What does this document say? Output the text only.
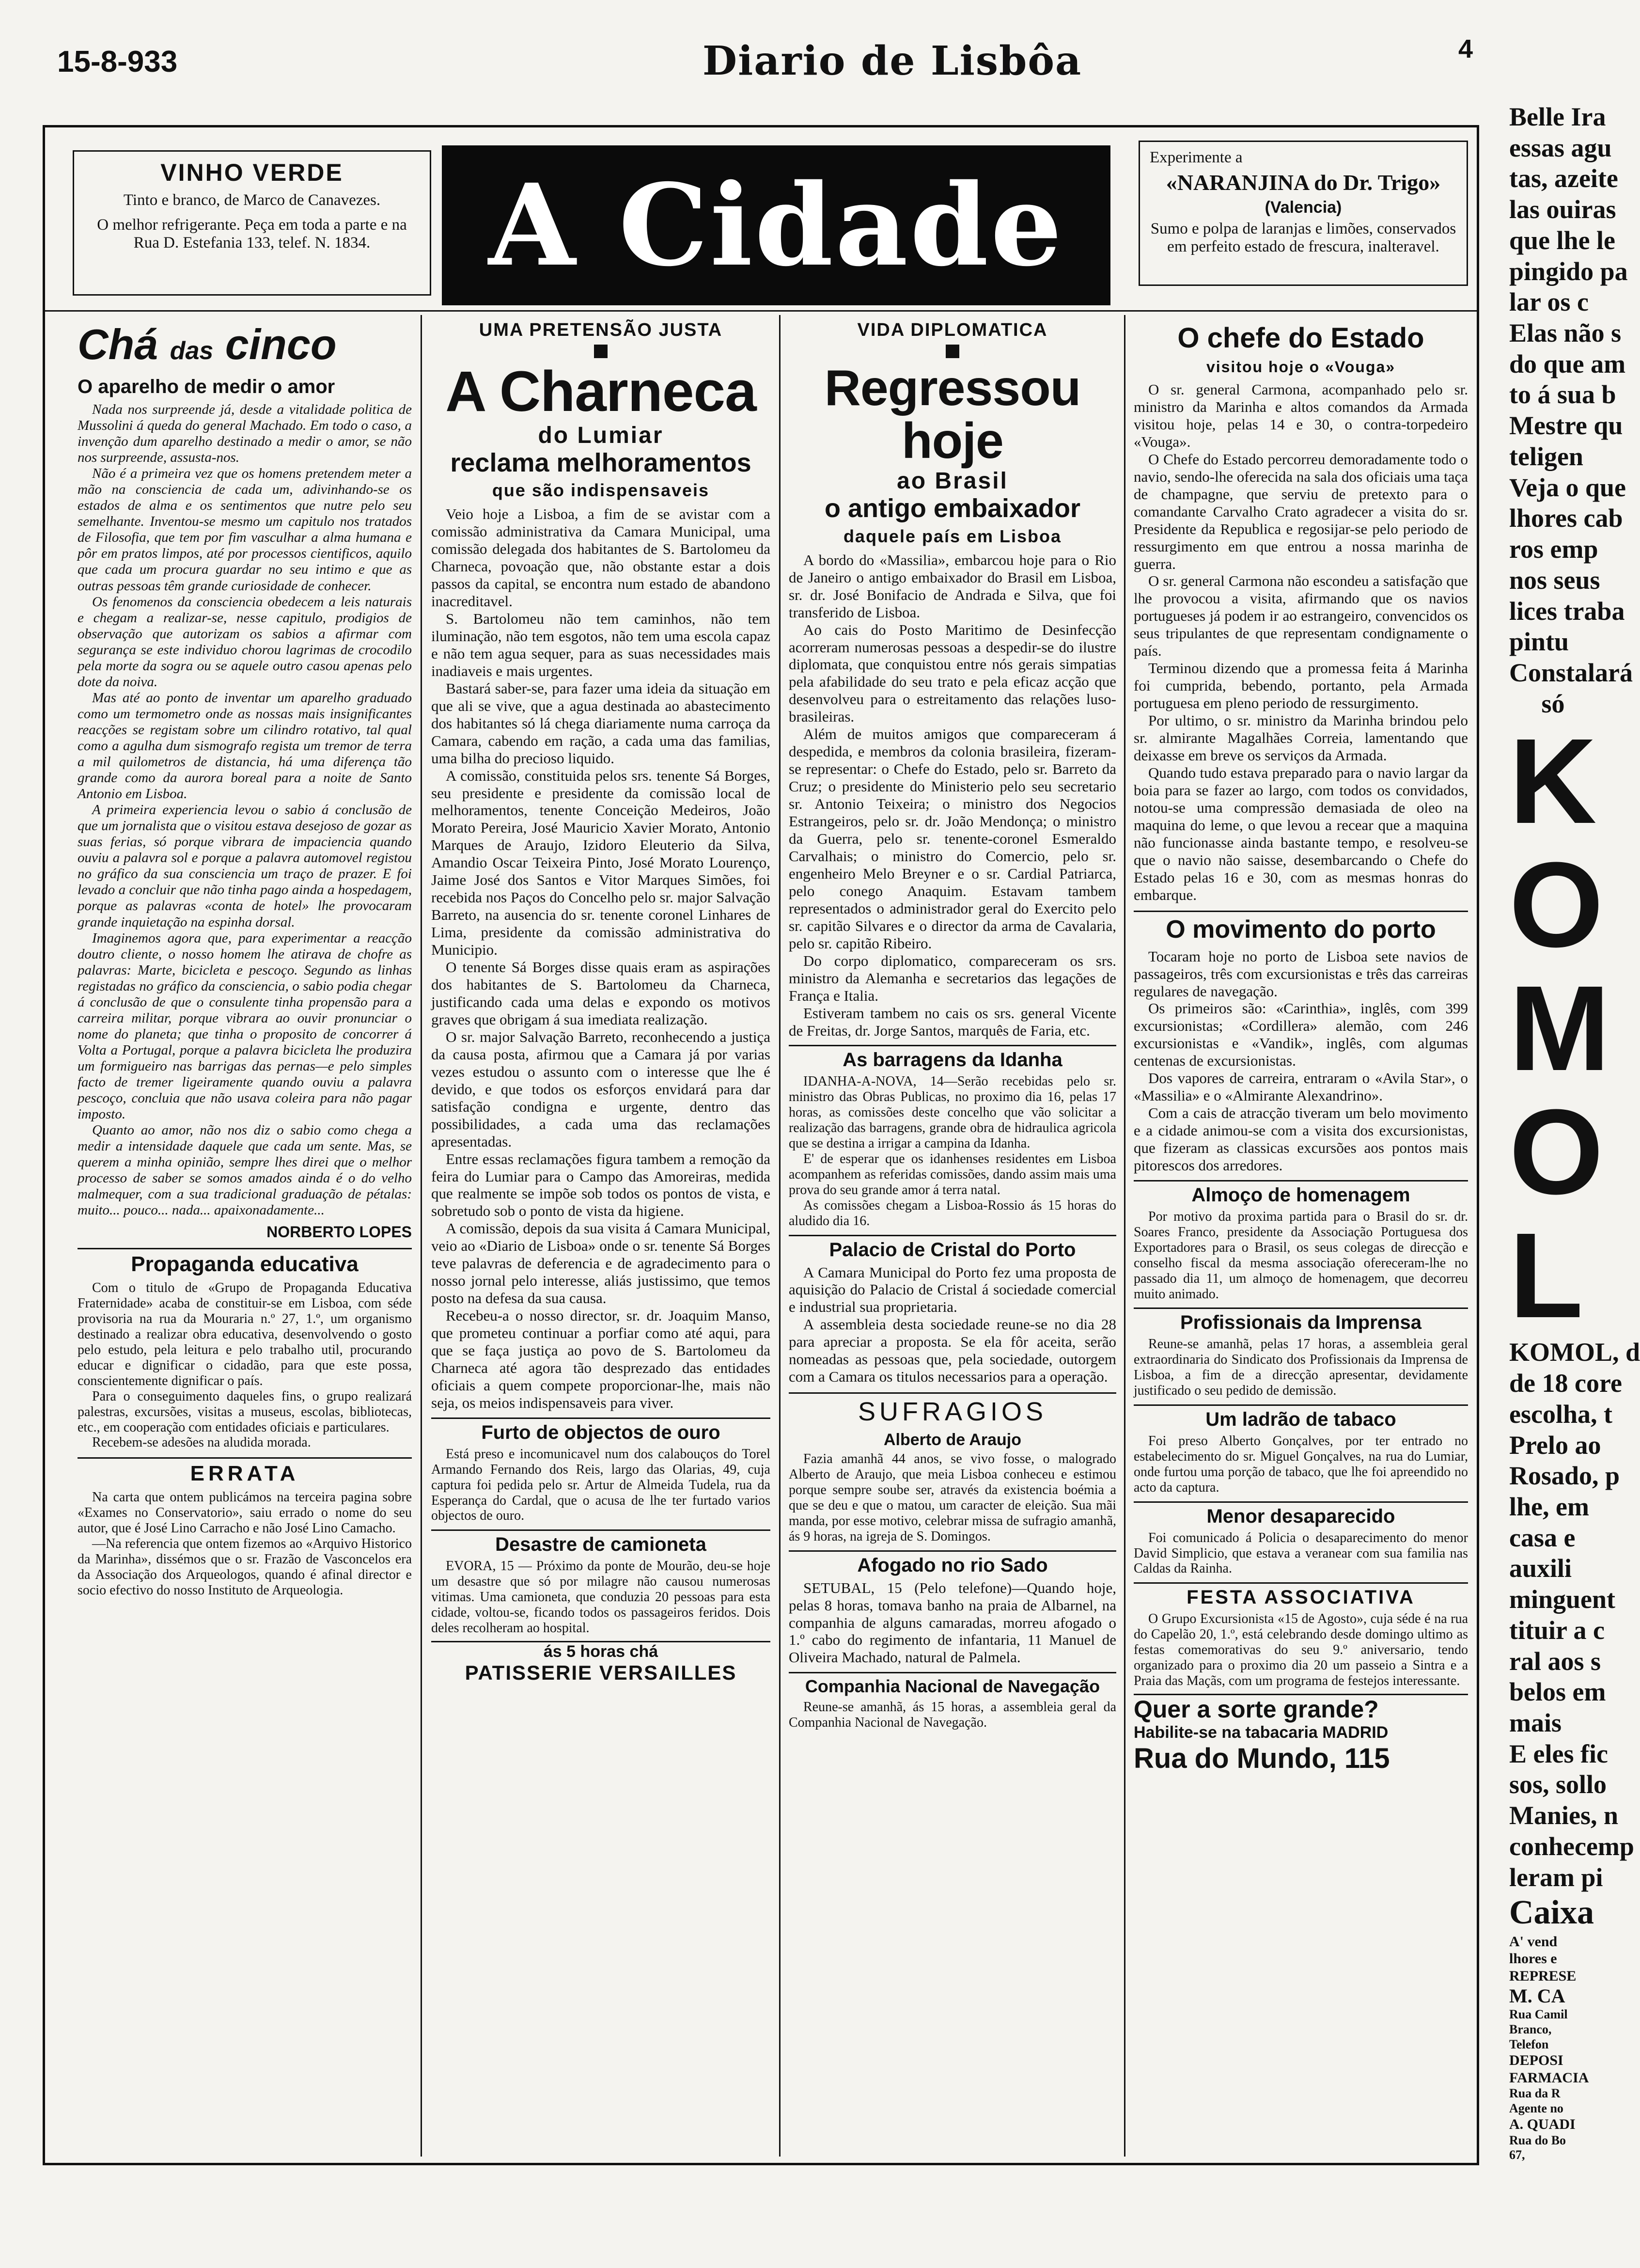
15-8-933	Diario de Lisbôa	4
VINHO VERDE
Tinto e branco, de Marco de Canavezes.
O melhor refrigerante. Peça em toda a parte e na Rua D. Estefania 133, telef. N. 1834.	A Cidade
Experimente a
«NARANJINA do Dr. Trigo»
(Valencia)
Sumo e polpa de laranjas e limões, conservados em perfeito estado de frescura, inalteravel.
Chá das cinco
O aparelho de medir o amor

Nada nos surpreende já, desde a vitalidade politica de Mussolini á queda do general Machado. Em todo o caso, a invenção dum aparelho destinado a medir o amor, se não nos surpreende, assusta-nos.

Não é a primeira vez que os homens pretendem meter a mão na consciencia de cada um, adivinhando-se os estados de alma e os sentimentos que nutre pelo seu semelhante. Inventou-se mesmo um capitulo nos tratados de Filosofia, que tem por fim vasculhar a alma humana e pôr em pratos limpos, até por processos cientificos, aquilo que cada um procura guardar no seu intimo e que as outras pessoas têm grande curiosidade de conhecer.

Os fenomenos da consciencia obedecem a leis naturais e chegam a realizar-se, nesse capitulo, prodigios de observação que autorizam os sabios a afirmar com segurança se este individuo chorou lagrimas de crocodilo pela morte da sogra ou se aquele outro casou apenas pelo dote da noiva.

Mas até ao ponto de inventar um aparelho graduado como um termometro onde as nossas mais insignificantes reacções se registam sobre um cilindro rotativo, tal qual como a agulha dum sismografo regista um tremor de terra a mil quilometros de distancia, há uma diferença tão grande como da aurora boreal para a noite de Santo Antonio em Lisboa.

A primeira experiencia levou o sabio á conclusão de que um jornalista que o visitou estava desejoso de gozar as suas ferias, só porque vibrara de impaciencia quando ouviu a palavra sol e porque a palavra automovel registou no gráfico da sua consciencia um traço de prazer. E foi levado a concluir que não tinha pago ainda a hospedagem, porque as palavras «conta de hotel» lhe provocaram grande inquietação na espinha dorsal.

Imaginemos agora que, para experimentar a reacção doutro cliente, o nosso homem lhe atirava de chofre as palavras: Marte, bicicleta e pescoço. Segundo as linhas registadas no gráfico da consciencia, o sabio podia chegar á conclusão de que o consulente tinha propensão para a carreira militar, porque vibrara ao ouvir pronunciar o nome do planeta; que tinha o proposito de concorrer á Volta a Portugal, porque a palavra bicicleta lhe produzira um formigueiro nas barrigas das pernas—e pelo simples facto de tremer ligeiramente quando ouviu a palavra pescoço, concluia que não usava coleira para não pagar imposto.

Quanto ao amor, não nos diz o sabio como chega a medir a intensidade daquele que cada um sente. Mas, se querem a minha opinião, sempre lhes direi que o melhor processo de saber se somos amados ainda é o do velho malmequer, com a sua tradicional graduação de pétalas: muito... pouco... nada... apaixonadamente...

NORBERTO LOPES
Propaganda educativa

Com o titulo de «Grupo de Propaganda Educativa Fraternidade» acaba de constituir-se em Lisboa, com séde provisoria na rua da Mouraria n.º 27, 1.º, um organismo destinado a realizar obra educativa, desenvolvendo o gosto pelo estudo, pela leitura e pelo trabalho util, procurando educar e dignificar o cidadão, para que este possa, conscientemente dignificar o país.

Para o conseguimento daqueles fins, o grupo realizará palestras, excursões, visitas a museus, escolas, bibliotecas, etc., em cooperação com entidades oficiais e particulares.

Recebem-se adesões na aludida morada.

ERRATA

Na carta que ontem publicámos na terceira pagina sobre «Exames no Conservatorio», saiu errado o nome do seu autor, que é José Lino Carracho e não José Lino Camacho.

—Na referencia que ontem fizemos ao «Arquivo Historico da Marinha», dissémos que o sr. Frazão de Vasconcelos era da Associação dos Arqueologos, quando é afinal director e socio efectivo do nosso Instituto de Arqueologia.

UMA PRETENSÃO JUSTA
A Charneca
do Lumiar
reclama melhoramentos
que são indispensaveis

Veio hoje a Lisboa, a fim de se avistar com a comissão administrativa da Camara Municipal, uma comissão delegada dos habitantes de S. Bartolomeu da Charneca, povoação que, não obstante estar a dois passos da capital, se encontra num estado de abandono inacreditavel.

S. Bartolomeu não tem caminhos, não tem iluminação, não tem esgotos, não tem uma escola capaz e não tem agua sequer, para as suas necessidades mais inadiaveis e mais urgentes.

Bastará saber-se, para fazer uma ideia da situação em que ali se vive, que a agua destinada ao abastecimento dos habitantes só lá chega diariamente numa carroça da Camara, cabendo em ração, a cada uma das familias, uma bilha do precioso liquido.

A comissão, constituida pelos srs. tenente Sá Borges, seu presidente e presidente da comissão local de melhoramentos, tenente Conceição Medeiros, João Morato Pereira, José Mauricio Xavier Morato, Antonio Marques de Araujo, Izidoro Eleuterio da Silva, Amandio Oscar Teixeira Pinto, José Morato Lourenço, Jaime José dos Santos e Vitor Marques Simões, foi recebida nos Paços do Concelho pelo sr. major Salvação Barreto, na ausencia do sr. tenente coronel Linhares de Lima, presidente da comissão administrativa do Municipio.

O tenente Sá Borges disse quais eram as aspirações dos habitantes de S. Bartolomeu da Charneca, justificando cada uma delas e expondo os motivos graves que obrigam á sua imediata realização.

O sr. major Salvação Barreto, reconhecendo a justiça da causa posta, afirmou que a Camara já por varias vezes estudou o assunto com o interesse que lhe é devido, e que todos os esforços envidará para dar satisfação condigna e urgente, dentro das possibilidades, a cada uma das reclamações apresentadas.

Entre essas reclamações figura tambem a remoção da feira do Lumiar para o Campo das Amoreiras, medida que realmente se impõe sob todos os pontos de vista, e sobretudo sob o ponto de vista da higiene.

A comissão, depois da sua visita á Camara Municipal, veio ao «Diario de Lisboa» onde o sr. tenente Sá Borges teve palavras de deferencia e de agradecimento para o nosso jornal pelo interesse, aliás justissimo, que temos posto na defesa da sua causa.

Recebeu-a o nosso director, sr. dr. Joaquim Manso, que prometeu continuar a porfiar como até aqui, para que se faça justiça ao povo de S. Bartolomeu da Charneca até agora tão desprezado das entidades oficiais a quem compete proporcionar-lhe, mais não seja, os meios indispensaveis para viver.

Furto de objectos de ouro

Está preso e incomunicavel num dos calabouços do Torel Armando Fernando dos Reis, largo das Olarias, 49, cuja captura foi pedida pelo sr. Artur de Almeida Tudela, rua da Esperança do Cardal, que o acusa de lhe ter furtado varios objectos de ouro.

Desastre de camioneta

EVORA, 15 — Próximo da ponte de Mourão, deu-se hoje um desastre que só por milagre não causou numerosas vitimas. Uma camioneta, que conduzia 20 pessoas para esta cidade, voltou-se, ficando todos os passageiros feridos. Dois deles recolheram ao hospital.

ás 5 horas chá
PATISSERIE VERSAILLES
VIDA DIPLOMATICA
Regressou hoje
ao Brasil
o antigo embaixador
daquele país em Lisboa

A bordo do «Massilia», embarcou hoje para o Rio de Janeiro o antigo embaixador do Brasil em Lisboa, sr. dr. José Bonifacio de Andrada e Silva, que foi transferido de Lisboa.

Ao cais do Posto Maritimo de Desinfecção acorreram numerosas pessoas a despedir-se do ilustre diplomata, que conquistou entre nós gerais simpatias pela afabilidade do seu trato e pela eficaz acção que desenvolveu para o estreitamento das relações luso-brasileiras.

Além de muitos amigos que compareceram á despedida, e membros da colonia brasileira, fizeram-se representar: o Chefe do Estado, pelo sr. Barreto da Cruz; o presidente do Ministerio pelo seu secretario sr. Antonio Teixeira; o ministro dos Negocios Estrangeiros, pelo sr. dr. João Mendonça; o ministro da Guerra, pelo sr. tenente-coronel Esmeraldo Carvalhais; o ministro do Comercio, pelo sr. engenheiro Melo Breyner e o sr. Cardial Patriarca, pelo conego Anaquim. Estavam tambem representados o administrador geral do Exercito pelo sr. capitão Silvares e o director da arma de Cavalaria, pelo sr. capitão Ribeiro.

Do corpo diplomatico, compareceram os srs. ministro da Alemanha e secretarios das legações de França e Italia.

Estiveram tambem no cais os srs. general Vicente de Freitas, dr. Jorge Santos, marquês de Faria, etc.

As barragens da Idanha

IDANHA-A-NOVA, 14—Serão recebidas pelo sr. ministro das Obras Publicas, no proximo dia 16, pelas 17 horas, as comissões deste concelho que vão solicitar a realização das barragens, grande obra de hidraulica agricola que se destina a irrigar a campina da Idanha.

E' de esperar que os idanhenses residentes em Lisboa acompanhem as referidas comissões, dando assim mais uma prova do seu grande amor á terra natal.

As comissões chegam a Lisboa-Rossio ás 15 horas do aludido dia 16.

Palacio de Cristal do Porto

A Camara Municipal do Porto fez uma proposta de aquisição do Palacio de Cristal á sociedade comercial e industrial sua proprietaria.

A assembleia desta sociedade reune-se no dia 28 para apreciar a proposta. Se ela fôr aceita, serão nomeadas as pessoas que, pela sociedade, outorgem com a Camara os titulos necessarios para a operação.

SUFRAGIOS
Alberto de Araujo

Fazia amanhã 44 anos, se vivo fosse, o malogrado Alberto de Araujo, que meia Lisboa conheceu e estimou porque sempre soube ser, através da existencia boémia a que se deu e que o matou, um caracter de eleição. Sua mãi manda, por esse motivo, celebrar missa de sufragio amanhã, ás 9 horas, na igreja de S. Domingos.

Afogado no rio Sado

SETUBAL, 15 (Pelo telefone)—Quando hoje, pelas 8 horas, tomava banho na praia de Albarnel, na companhia de alguns camaradas, morreu afogado o 1.º cabo do regimento de infantaria, 11 Manuel de Oliveira Machado, natural de Palmela.

Companhia Nacional de Navegação

Reune-se amanhã, ás 15 horas, a assembleia geral da Companhia Nacional de Navegação.

O chefe do Estado
visitou hoje o «Vouga»

O sr. general Carmona, acompanhado pelo sr. ministro da Marinha e altos comandos da Armada visitou hoje, pelas 14 e 30, o contra-torpedeiro «Vouga».

O Chefe do Estado percorreu demoradamente todo o navio, sendo-lhe oferecida na sala dos oficiais uma taça de champagne, que serviu de pretexto para o comandante Carvalho Crato agradecer a visita do sr. Presidente da Republica e regosijar-se pelo periodo de ressurgimento em que entrou a nossa marinha de guerra.

O sr. general Carmona não escondeu a satisfação que lhe provocou a visita, afirmando que os navios portugueses já podem ir ao estrangeiro, convencidos os seus tripulantes de que representam condignamente o país.

Terminou dizendo que a promessa feita á Marinha foi cumprida, bebendo, portanto, pela Armada portuguesa em pleno periodo de ressurgimento.

Por ultimo, o sr. ministro da Marinha brindou pelo sr. almirante Magalhães Correia, lamentando que deixasse em breve os serviços da Armada.

Quando tudo estava preparado para o navio largar da boia para se fazer ao largo, com todos os convidados, notou-se uma compressão demasiada de oleo na maquina do leme, o que levou a recear que a maquina não funcionasse ainda bastante tempo, e resolveu-se que o navio não saisse, desembarcando o Chefe do Estado pelas 16 e 30, com as mesmas honras do embarque.

O movimento do porto

Tocaram hoje no porto de Lisboa sete navios de passageiros, três com excursionistas e três das carreiras regulares de navegação.

Os primeiros são: «Carinthia», inglês, com 399 excursionistas; «Cordillera» alemão, com 246 excursionistas e «Vandik», inglês, com algumas centenas de excursionistas.

Dos vapores de carreira, entraram o «Avila Star», o «Massilia» e o «Almirante Alexandrino».

Com a cais de atracção tiveram um belo movimento e a cidade animou-se com a visita dos excursionistas, que fizeram as classicas excursões aos pontos mais pitorescos dos arredores.

Almoço de homenagem

Por motivo da proxima partida para o Brasil do sr. dr. Soares Franco, presidente da Associação Portuguesa dos Exportadores para o Brasil, os seus colegas de direcção e conselho fiscal da mesma associação ofereceram-lhe no passado dia 11, um almoço de homenagem, que decorreu muito animado.

Profissionais da Imprensa

Reune-se amanhã, pelas 17 horas, a assembleia geral extraordinaria do Sindicato dos Profissionais da Imprensa de Lisboa, a fim de a direcção apresentar, devidamente justificado o seu pedido de demissão.

Um ladrão de tabaco

Foi preso Alberto Gonçalves, por ter entrado no estabelecimento do sr. Miguel Gonçalves, na rua do Lumiar, onde furtou uma porção de tabaco, que lhe foi apreendido no acto da captura.

Menor desaparecido

Foi comunicado á Policia o desaparecimento do menor David Simplicio, que estava a veranear com sua familia nas Caldas da Rainha.

FESTA ASSOCIATIVA

O Grupo Excursionista «15 de Agosto», cuja séde é na rua do Capelão 20, 1.º, está celebrando desde domingo ultimo as festas comemorativas do seu 9.º aniversario, tendo organizado para o proximo dia 20 um passeio a Sintra e a Praia das Maçãs, com um programa de festejos interessante.

Quer a sorte grande?
Habilite-se na tabacaria MADRID
Rua do Mundo, 115
Belle Ira
essas agu
tas, azeite
las ouiras
que lhe le
pingido pa
lar os c
Elas não s
do que am
to á sua b
Mestre qu
teligen
Veja o que
lhores cab
ros emp
nos seus
lices traba
pintu
Constalará
só
K
O
M
O
L
KOMOL, d
de 18 core
escolha, t
Prelo ao
Rosado, p
lhe, em
casa e
auxili
minguent
tituir a c
ral aos s
belos em
mais
E eles fic
sos, sollo
Manies, n
conhecemp
leram pi
Caixa
A' vend
lhores e
REPRESE
M. CA
Rua Camil
Branco,
Telefon
DEPOSI
FARMACIA
Rua da R
Agente no
A. QUADI
Rua do Bo
67,
